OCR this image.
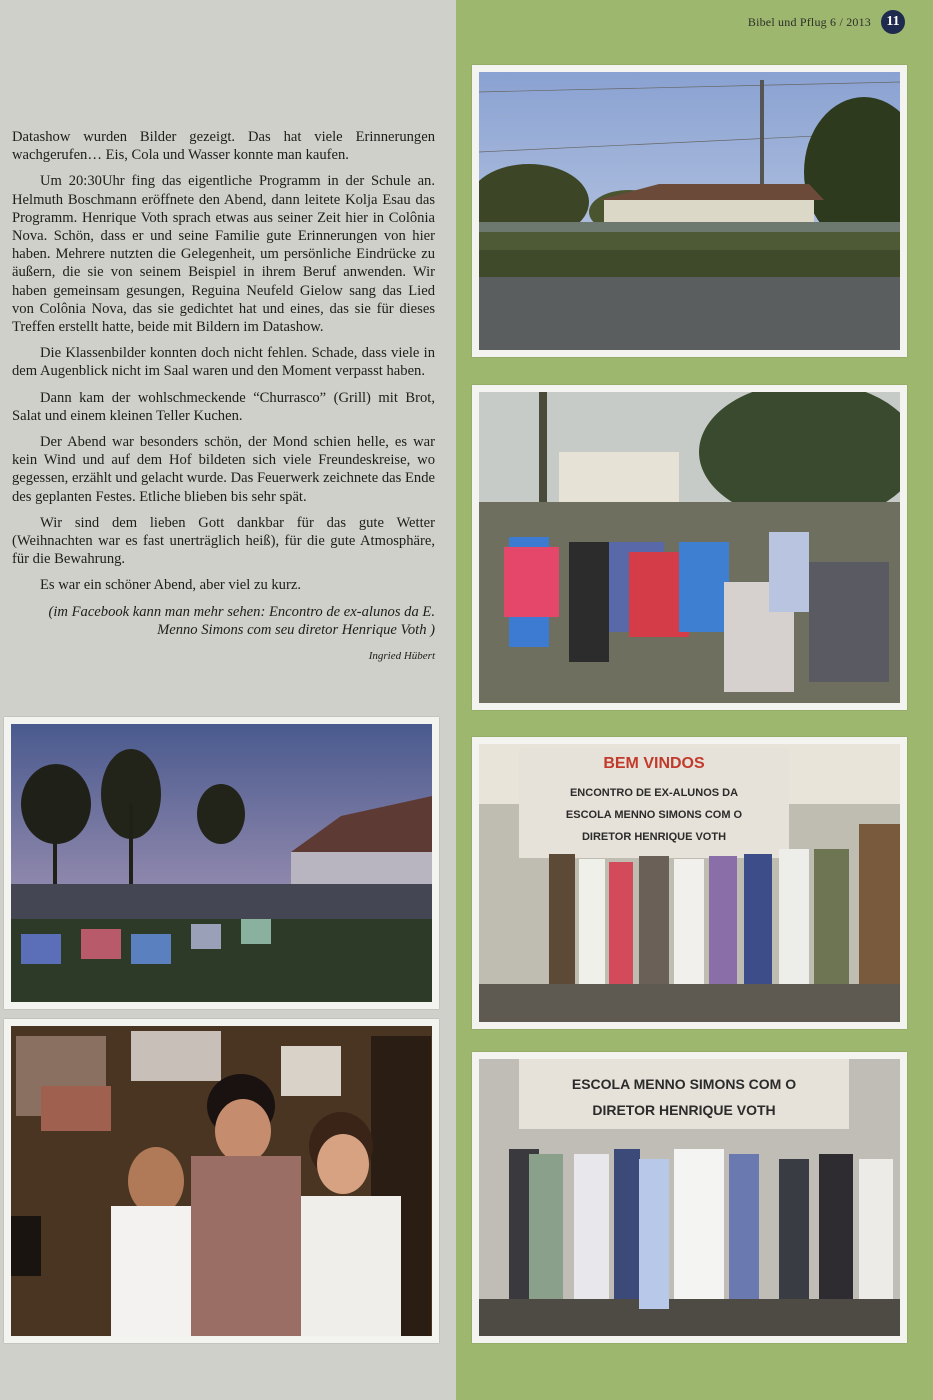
Bibel und Pflug 6 / 2013	11

Datashow wurden Bilder gezeigt. Das hat viele Erinnerungen wachgerufen… Eis, Cola und Wasser konnte man kaufen.

Um 20:30Uhr fing das eigentliche Programm in der Schule an. Helmuth Boschmann eröffnete den Abend, dann leitete Kolja Esau das Programm. Henrique Voth sprach etwas aus seiner Zeit hier in Colônia Nova. Schön, dass er und seine Familie gute Erinnerungen von hier haben. Mehrere nutzten die Gelegenheit, um persönliche Eindrücke zu äußern, die sie von seinem Beispiel in ihrem Beruf anwenden. Wir haben gemeinsam gesungen, Reguina Neufeld Gielow sang das Lied von Colônia Nova, das sie gedichtet hat und eines, das sie für dieses Treffen erstellt hatte, beide mit Bildern im Datashow.

Die Klassenbilder konnten doch nicht fehlen. Schade, dass viele in dem Augenblick nicht im Saal waren und den Moment verpasst haben.

Dann kam der wohlschmeckende “Churrasco” (Grill) mit Brot, Salat und einem kleinen Teller Kuchen.

Der Abend war besonders schön, der Mond schien helle, es war kein Wind und auf dem Hof bildeten sich viele Freundeskreise, wo gegessen, erzählt und gelacht wurde. Das Feuerwerk zeichnete das Ende des geplanten Festes. Etliche blieben bis sehr spät.

Wir sind dem lieben Gott dankbar für das gute Wetter (Weihnachten war es fast unerträglich heiß), für die gute Atmosphäre, für die Bewahrung.

Es war ein schöner Abend, aber viel zu kurz.

(im Facebook kann man mehr sehen: Encontro de ex-alunos da E. Menno Simons com seu diretor Henrique Voth )

Ingried Hübert
BEM VINDOS
ENCONTRO DE EX-ALUNOS DA
ESCOLA MENNO SIMONS COM O
DIRETOR HENRIQUE VOTH
ESCOLA MENNO SIMONS COM O
DIRETOR HENRIQUE VOTH
